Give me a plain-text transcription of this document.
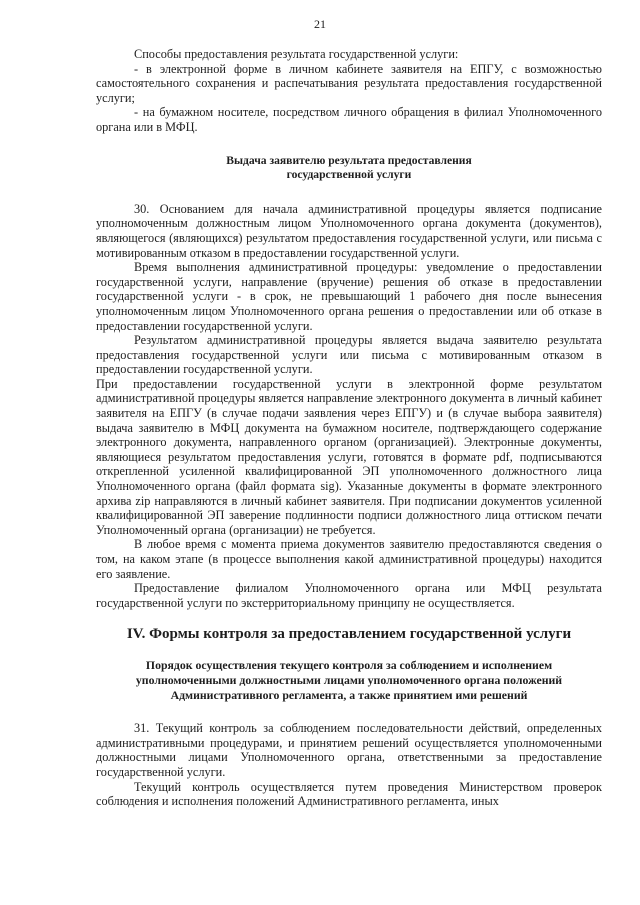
21

Способы предоставления результата государственной услуги:

- в электронной форме в личном кабинете заявителя на ЕПГУ, с возможностью самостоятельного сохранения и распечатывания результата предоставления государственной услуги;

- на бумажном носителе, посредством личного обращения в филиал Уполномоченного органа или в МФЦ.

Выдача заявителю результата предоставления
государственной услуги

30. Основанием для начала административной процедуры является подписание уполномоченным должностным лицом Уполномоченного органа документа (документов), являющегося (являющихся) результатом предоставления государственной услуги, или письма с мотивированным отказом в предоставлении государственной услуги.

Время выполнения административной процедуры: уведомление о предоставлении государственной услуги, направление (вручение) решения об отказе в предоставлении государственной услуги - в срок, не превышающий 1 рабочего дня после вынесения уполномоченным лицом Уполномоченного органа решения о предоставлении или об отказе в предоставлении государственной услуги.

Результатом административной процедуры является выдача заявителю результата предоставления государственной услуги или письма с мотивированным отказом в предоставлении государственной услуги.

При предоставлении государственной услуги в электронной форме результатом административной процедуры является направление электронного документа в личный кабинет заявителя на ЕПГУ (в случае подачи заявления через ЕПГУ) и (в случае выбора заявителя) выдача заявителю в МФЦ документа на бумажном носителе, подтверждающего содержание электронного документа, направленного органом (организацией). Электронные документы, являющиеся результатом предоставления услуги, готовятся в формате pdf, подписываются открепленной усиленной квалифицированной ЭП уполномоченного должностного лица Уполномоченного органа (файл формата sig). Указанные документы в формате электронного архива zip направляются в личный кабинет заявителя. При подписании документов усиленной квалифицированной ЭП заверение подлинности подписи должностного лица оттиском печати Уполномоченный органа (организации) не требуется.

В любое время с момента приема документов заявителю предоставляются сведения о том, на каком этапе (в процессе выполнения какой административной процедуры) находится его заявление.

Предоставление филиалом Уполномоченного органа или МФЦ результата государственной услуги по экстерриториальному принципу не осуществляется.

IV. Формы контроля за предоставлением государственной услуги
Порядок осуществления текущего контроля за соблюдением и исполнением
уполномоченными должностными лицами уполномоченного органа положений
Административного регламента, а также принятием ими решений

31. Текущий контроль за соблюдением последовательности действий, определенных административными процедурами, и принятием решений осуществляется уполномоченными должностными лицами Уполномоченного органа, ответственными за предоставление государственной услуги.

Текущий контроль осуществляется путем проведения Министерством проверок соблюдения и исполнения положений Административного регламента, иных
